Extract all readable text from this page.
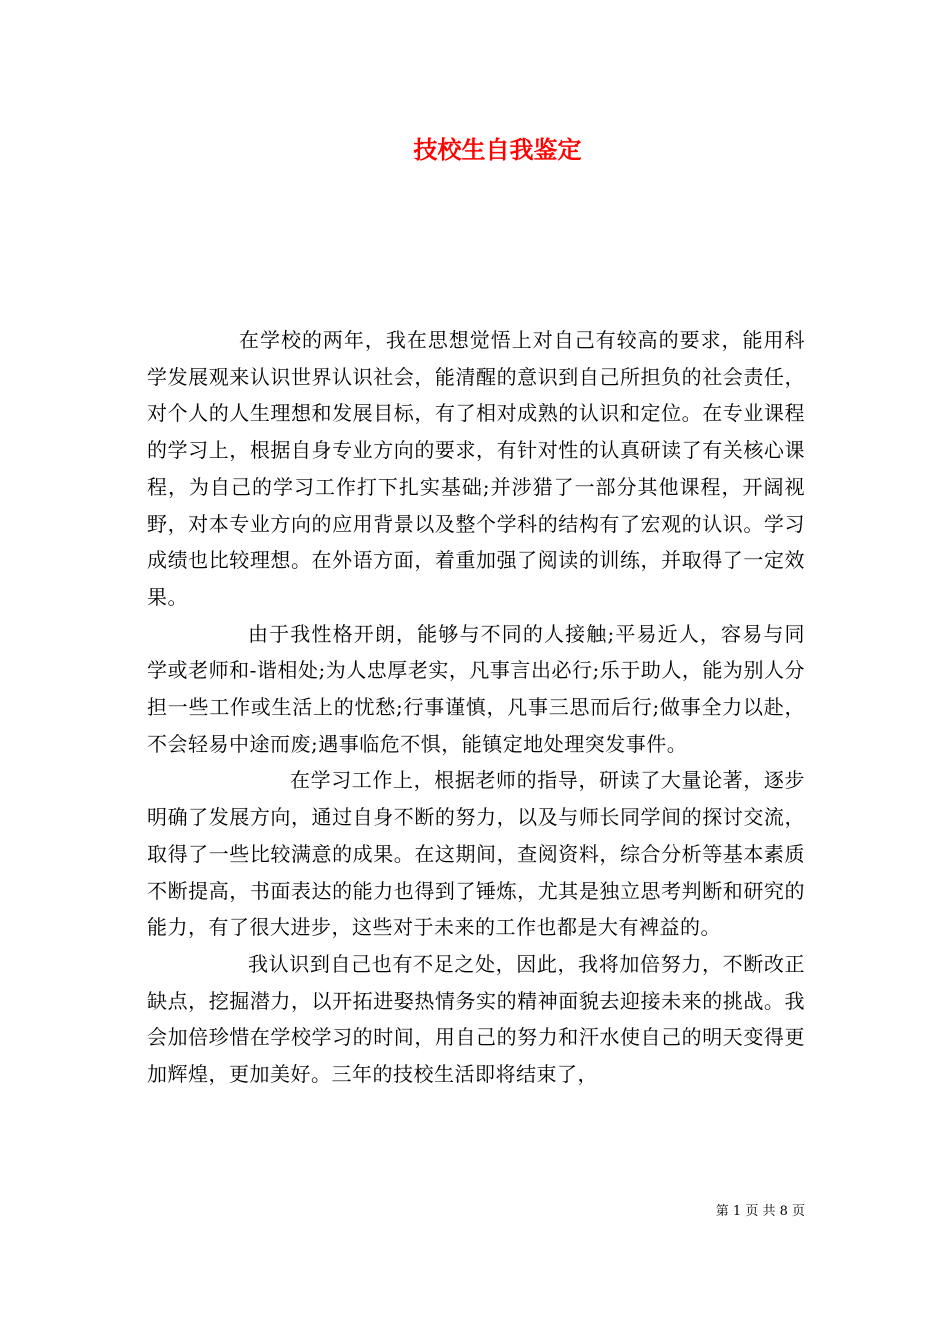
技校生自我鉴定

在学校的两年，我在思想觉悟上对自己有较高的要求，能用科学发展观来认识世界认识社会，能清醒的意识到自己所担负的社会责任，对个人的人生理想和发展目标，有了相对成熟的认识和定位。在专业课程的学习上，根据自身专业方向的要求，有针对性的认真研读了有关核心课程，为自己的学习工作打下扎实基础;并涉猎了一部分其他课程，开阔视野，对本专业方向的应用背景以及整个学科的结构有了宏观的认识。学习成绩也比较理想。在外语方面，着重加强了阅读的训练，并取得了一定效果。

由于我性格开朗，能够与不同的人接触;平易近人，容易与同学或老师和-谐相处;为人忠厚老实，凡事言出必行;乐于助人，能为别人分担一些工作或生活上的忧愁;行事谨慎，凡事三思而后行;做事全力以赴，不会轻易中途而废;遇事临危不惧，能镇定地处理突发事件。

在学习工作上，根据老师的指导，研读了大量论著，逐步明确了发展方向，通过自身不断的努力，以及与师长同学间的探讨交流，取得了一些比较满意的成果。在这期间，查阅资料，综合分析等基本素质不断提高，书面表达的能力也得到了锤炼，尤其是独立思考判断和研究的能力，有了很大进步，这些对于未来的工作也都是大有裨益的。

我认识到自己也有不足之处，因此，我将加倍努力，不断改正缺点，挖掘潜力，以开拓进娶热情务实的精神面貌去迎接未来的挑战。我会加倍珍惜在学校学习的时间，用自己的努力和汗水使自己的明天变得更加辉煌，更加美好。三年的技校生活即将结束了，

第 1 页 共 8 页
